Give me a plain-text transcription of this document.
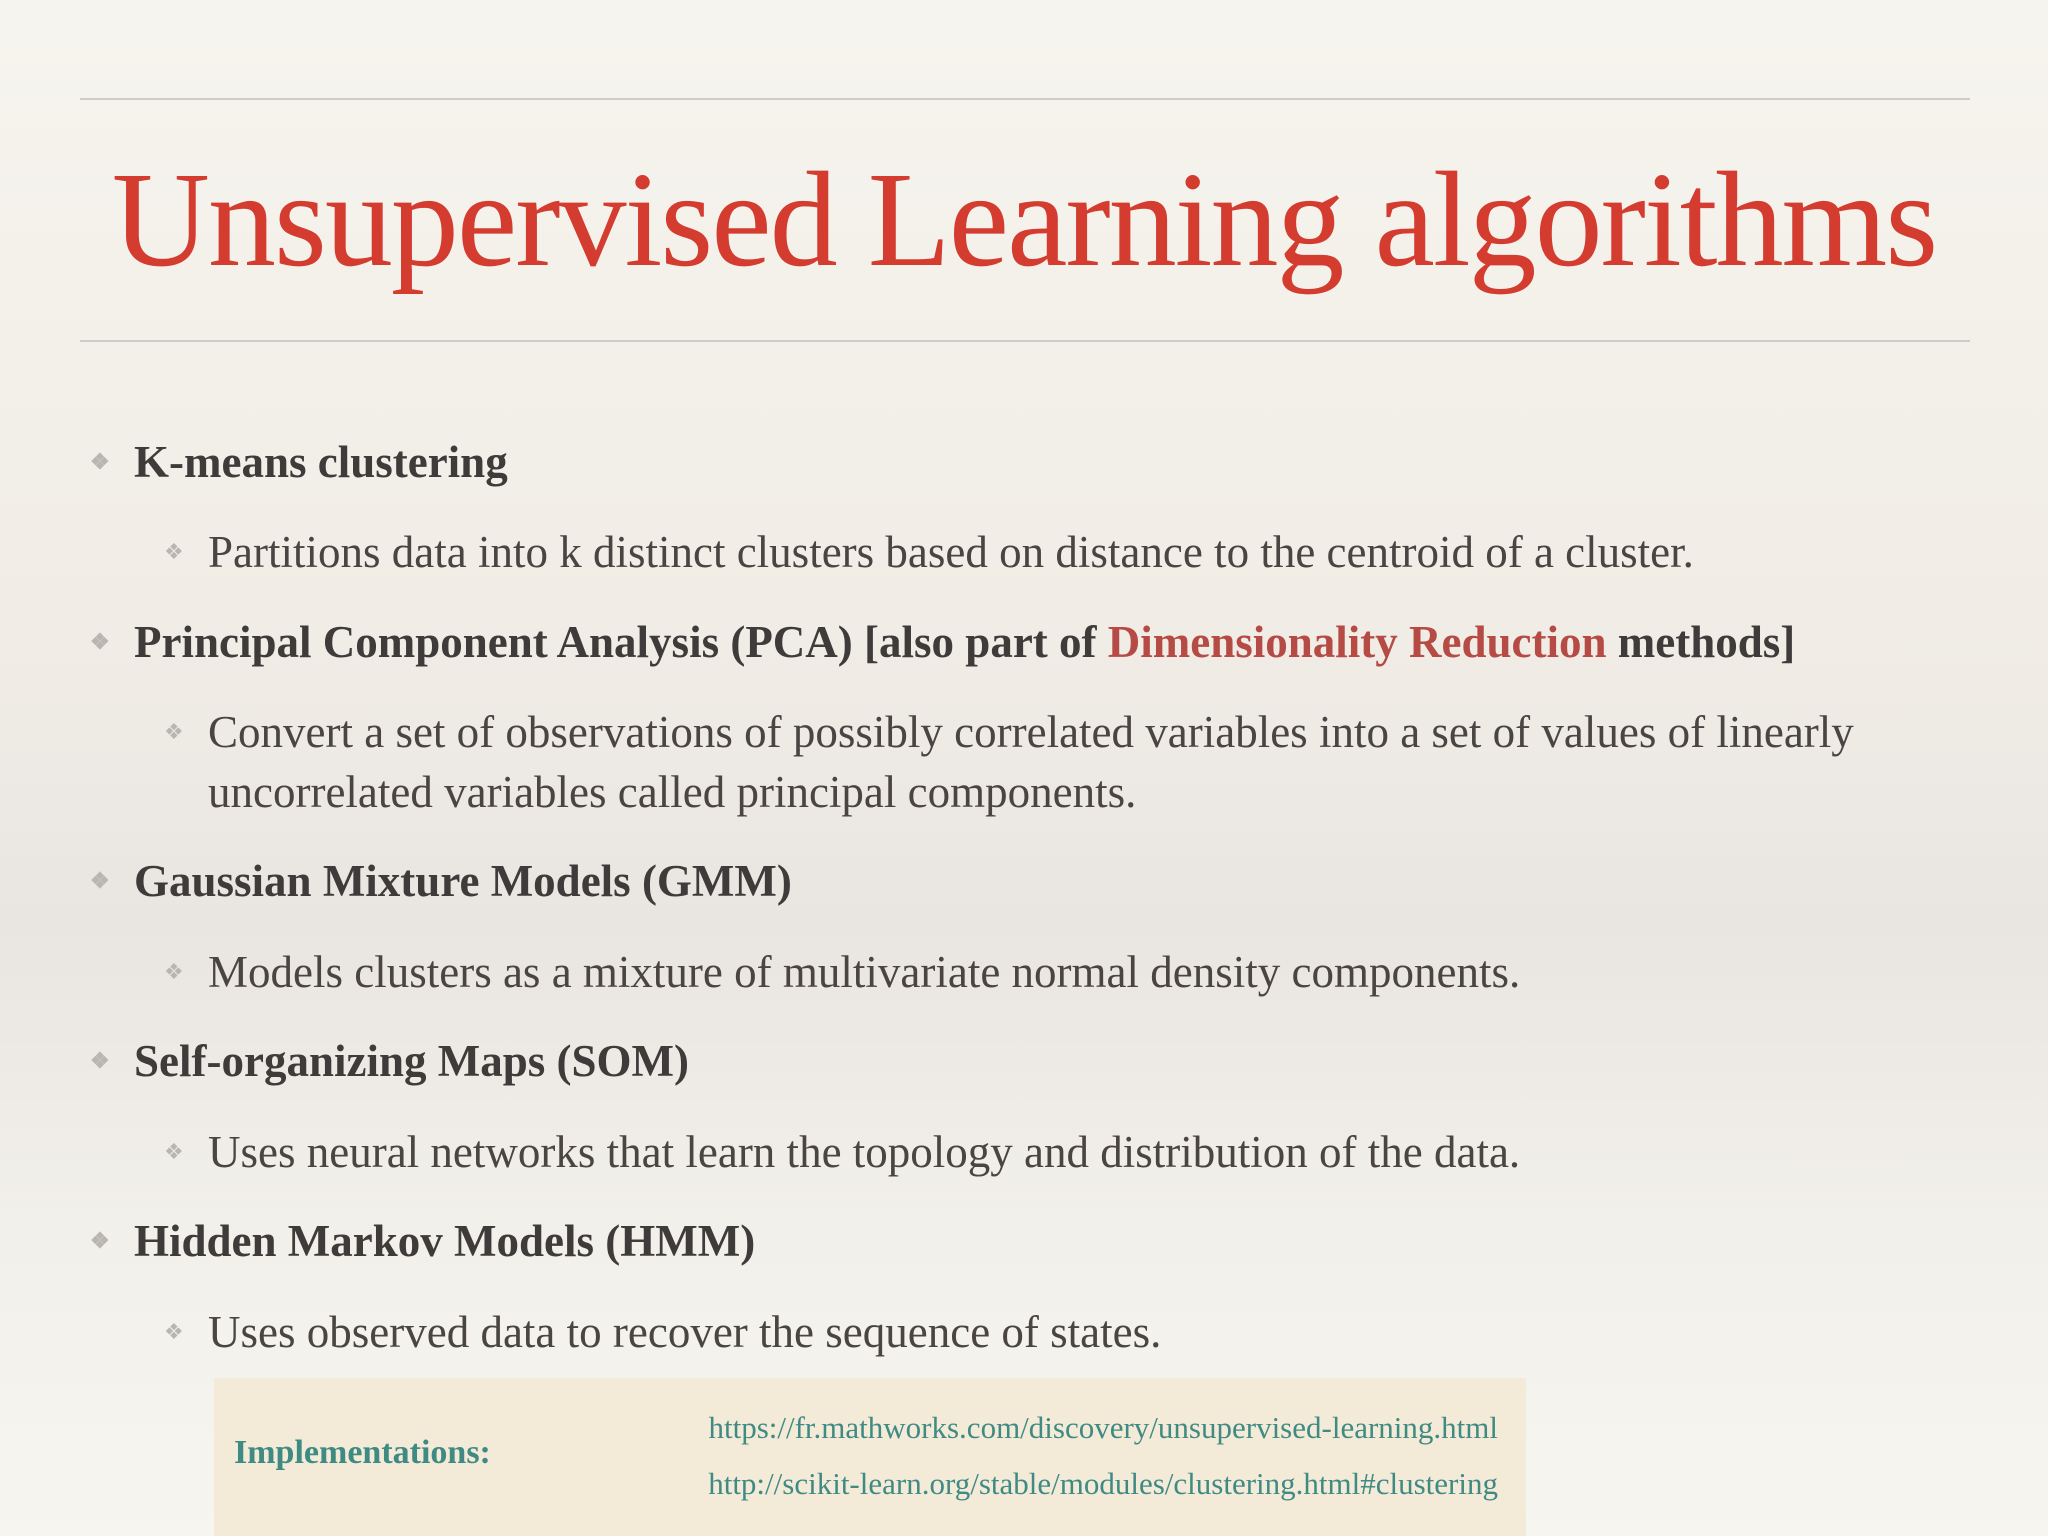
Unsupervised Learning algorithms
❖ K-means clustering
❖ Partitions data into k distinct clusters based on distance to the centroid of a cluster.
❖ Principal Component Analysis (PCA) [also part of Dimensionality Reduction methods]
❖ Convert a set of observations of possibly correlated variables into a set of values of linearly uncorrelated variables called principal components.
❖ Gaussian Mixture Models (GMM)
❖ Models clusters as a mixture of multivariate normal density components.
❖ Self-organizing Maps (SOM)
❖ Uses neural networks that learn the topology and distribution of the data.
❖ Hidden Markov Models (HMM)
❖ Uses observed data to recover the sequence of states.
Implementations:
https://fr.mathworks.com/discovery/unsupervised-learning.html
http://scikit-learn.org/stable/modules/clustering.html#clustering
